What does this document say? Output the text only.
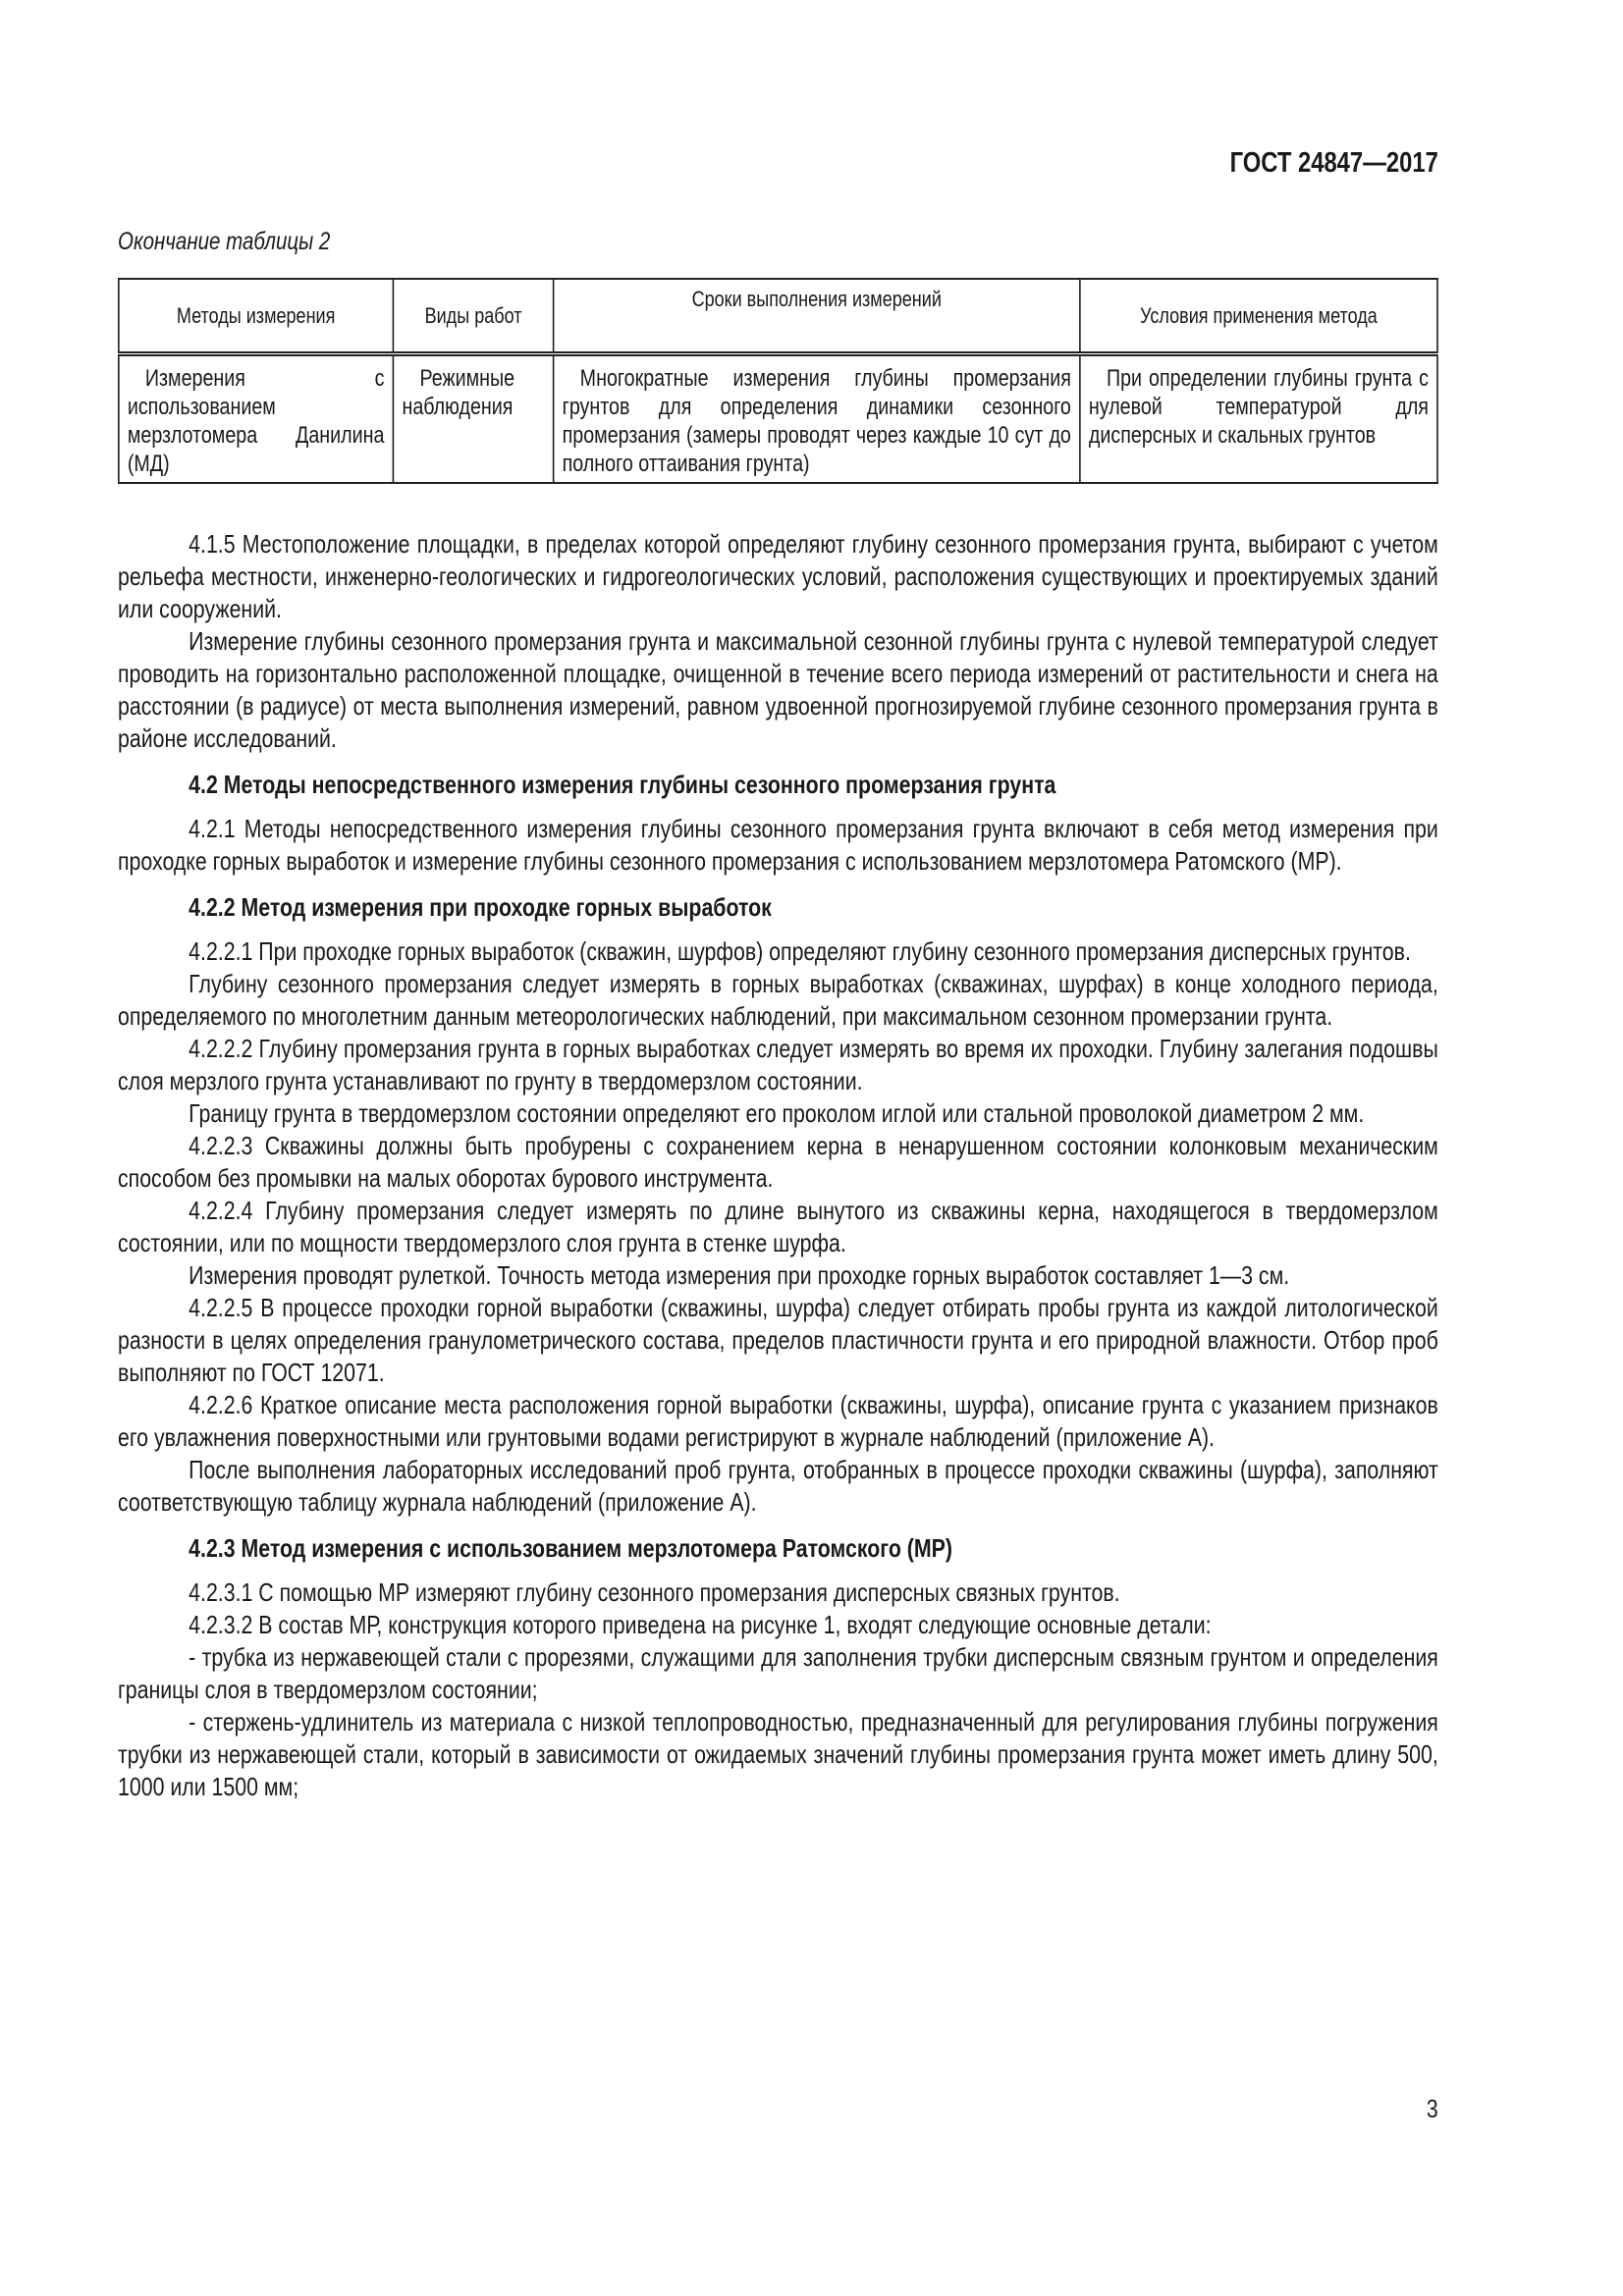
ГОСТ 24847—2017
Окончание таблицы 2
Методы измерения	Виды работ	Сроки выполнения измерений	Условия применения метода
Измерения с использованием мерзлотомера Данилина (МД)	Режимные наблюдения	Многократные измерения глубины промерзания грунтов для определения динамики сезонного промерзания (замеры проводят через каждые 10 сут до полного оттаивания грунта)	При определении глубины грунта с нулевой температурой для дисперсных и скальных грунтов

4.1.5 Местоположение площадки, в пределах которой определяют глубину сезонного промерзания грунта, выбирают с учетом рельефа местности, инженерно-геологических и гидрогеологических условий, расположения существующих и проектируемых зданий или сооружений.

Измерение глубины сезонного промерзания грунта и максимальной сезонной глубины грунта с нулевой температурой следует проводить на горизонтально расположенной площадке, очищенной в течение всего периода измерений от растительности и снега на расстоянии (в радиусе) от места выполнения измерений, равном удвоенной прогнозируемой глубине сезонного промерзания грунта в районе исследований.

4.2 Методы непосредственного измерения глубины сезонного промерзания грунта

4.2.1 Методы непосредственного измерения глубины сезонного промерзания грунта включают в себя метод измерения при проходке горных выработок и измерение глубины сезонного промерзания с использованием мерзлотомера Ратомского (МР).

4.2.2 Метод измерения при проходке горных выработок

4.2.2.1 При проходке горных выработок (скважин, шурфов) определяют глубину сезонного промерзания дисперсных грунтов.

Глубину сезонного промерзания следует измерять в горных выработках (скважинах, шурфах) в конце холодного периода, определяемого по многолетним данным метеорологических наблюдений, при максимальном сезонном промерзании грунта.

4.2.2.2 Глубину промерзания грунта в горных выработках следует измерять во время их проходки. Глубину залегания подошвы слоя мерзлого грунта устанавливают по грунту в твердомерзлом состоянии.

Границу грунта в твердомерзлом состоянии определяют его проколом иглой или стальной проволокой диаметром 2 мм.

4.2.2.3 Скважины должны быть пробурены с сохранением керна в ненарушенном состоянии колонковым механическим способом без промывки на малых оборотах бурового инструмента.

4.2.2.4 Глубину промерзания следует измерять по длине вынутого из скважины керна, находящегося в твердомерзлом состоянии, или по мощности твердомерзлого слоя грунта в стенке шурфа.

Измерения проводят рулеткой. Точность метода измерения при проходке горных выработок составляет 1—3 см.

4.2.2.5 В процессе проходки горной выработки (скважины, шурфа) следует отбирать пробы грунта из каждой литологической разности в целях определения гранулометрического состава, пределов пластичности грунта и его природной влажности. Отбор проб выполняют по ГОСТ 12071.

4.2.2.6 Краткое описание места расположения горной выработки (скважины, шурфа), описание грунта с указанием признаков его увлажнения поверхностными или грунтовыми водами регистрируют в журнале наблюдений (приложение А).

После выполнения лабораторных исследований проб грунта, отобранных в процессе проходки скважины (шурфа), заполняют соответствующую таблицу журнала наблюдений (приложение А).

4.2.3 Метод измерения с использованием мерзлотомера Ратомского (МР)

4.2.3.1 С помощью МР измеряют глубину сезонного промерзания дисперсных связных грунтов.

4.2.3.2 В состав МР, конструкция которого приведена на рисунке 1, входят следующие основные детали:

- трубка из нержавеющей стали с прорезями, служащими для заполнения трубки дисперсным связным грунтом и определения границы слоя в твердомерзлом состоянии;

- стержень-удлинитель из материала с низкой теплопроводностью, предназначенный для регулирования глубины погружения трубки из нержавеющей стали, который в зависимости от ожидаемых значений глубины промерзания грунта может иметь длину 500, 1000 или 1500 мм;

3
